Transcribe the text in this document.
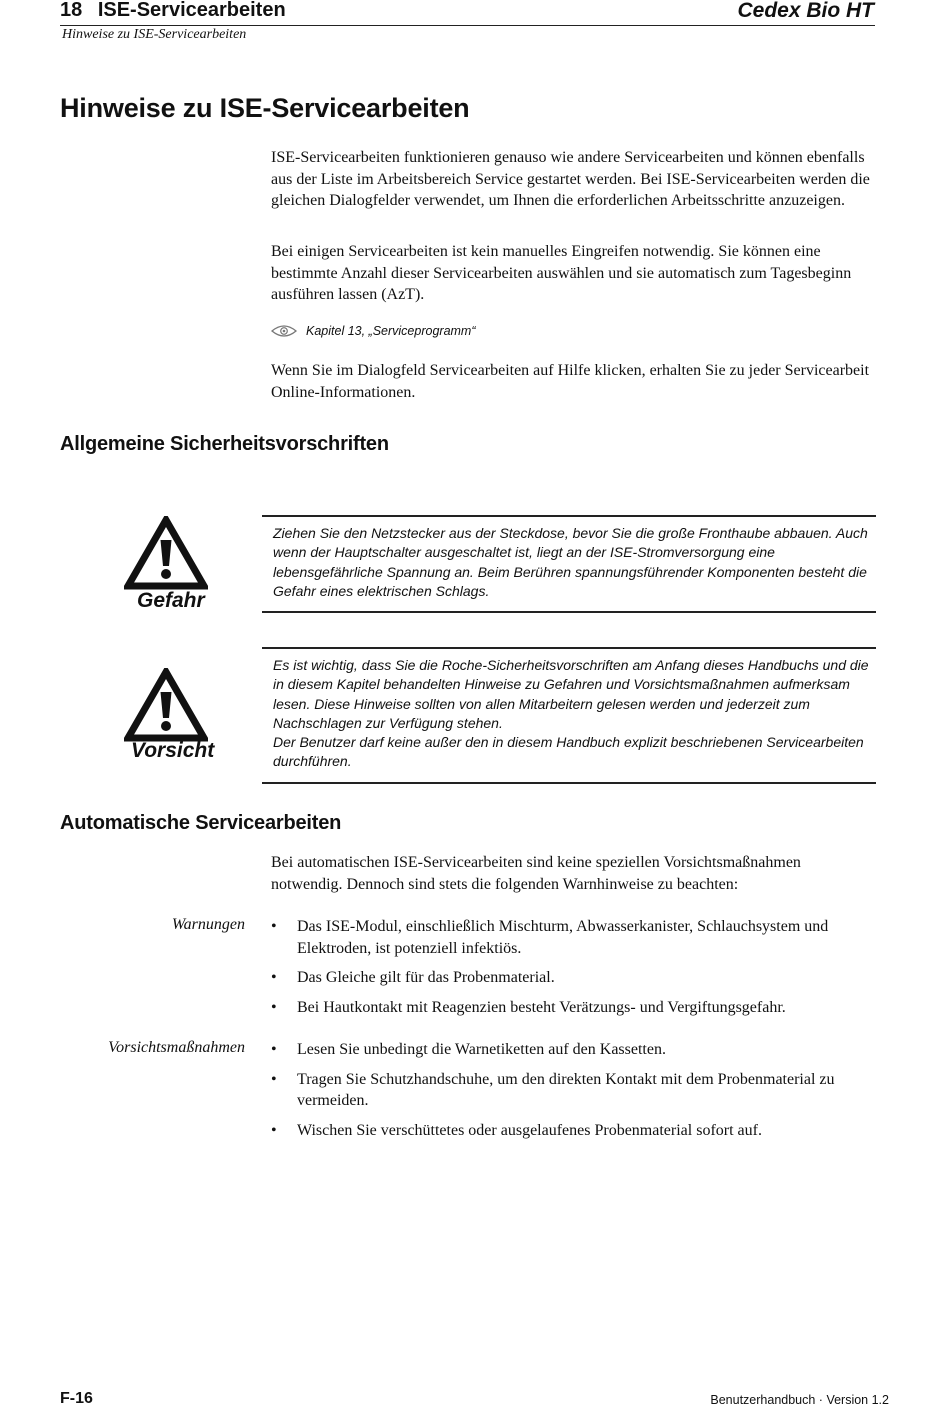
18 ISE-Servicearbeiten	Cedex Bio HT
Hinweise zu ISE-Servicearbeiten
Hinweise zu ISE-Servicearbeiten

ISE-Servicearbeiten funktionieren genauso wie andere Servicearbeiten und können ebenfalls aus der Liste im Arbeitsbereich Service gestartet werden. Bei ISE-Servicearbeiten werden die gleichen Dialogfelder verwendet, um Ihnen die erforderlichen Arbeitsschritte anzuzeigen.

Bei einigen Servicearbeiten ist kein manuelles Eingreifen notwendig. Sie können eine bestimmte Anzahl dieser Servicearbeiten auswählen und sie automatisch zum Tagesbeginn ausführen lassen (AzT).

Kapitel 13, „Serviceprogramm“

Wenn Sie im Dialogfeld Servicearbeiten auf Hilfe klicken, erhalten Sie zu jeder Servicearbeit Online-Informationen.

Allgemeine Sicherheitsvorschriften
Gefahr
Ziehen Sie den Netzstecker aus der Steckdose, bevor Sie die große Fronthaube abbauen. Auch wenn der Hauptschalter ausgeschaltet ist, liegt an der ISE-Stromversorgung eine lebensgefährliche Spannung an. Beim Berühren spannungsführender Komponenten besteht die Gefahr eines elektrischen Schlags.
Vorsicht
Es ist wichtig, dass Sie die Roche-Sicherheitsvorschriften am Anfang dieses Handbuchs und die in diesem Kapitel behandelten Hinweise zu Gefahren und Vorsichtsmaßnahmen aufmerksam lesen. Diese Hinweise sollten von allen Mitarbeitern gelesen werden und jederzeit zum Nachschlagen zur Verfügung stehen.
Der Benutzer darf keine außer den in diesem Handbuch explizit beschriebenen Servicearbeiten durchführen.
Automatische Servicearbeiten

Bei automatischen ISE-Servicearbeiten sind keine speziellen Vorsichtsmaßnahmen notwendig. Dennoch sind stets die folgenden Warnhinweise zu beachten:

Warnungen	• Das ISE-Modul, einschließlich Mischturm, Abwasserkanister, Schlauchsystem und Elektroden, ist potenziell infektiös.
• Das Gleiche gilt für das Probenmaterial.
• Bei Hautkontakt mit Reagenzien besteht Verätzungs- und Vergiftungsgefahr.
Vorsichtsmaßnahmen	• Lesen Sie unbedingt die Warnetiketten auf den Kassetten.
• Tragen Sie Schutzhandschuhe, um den direkten Kontakt mit dem Probenmaterial zu vermeiden.
• Wischen Sie verschüttetes oder ausgelaufenes Probenmaterial sofort auf.
F-16	Benutzerhandbuch · Version 1.2
